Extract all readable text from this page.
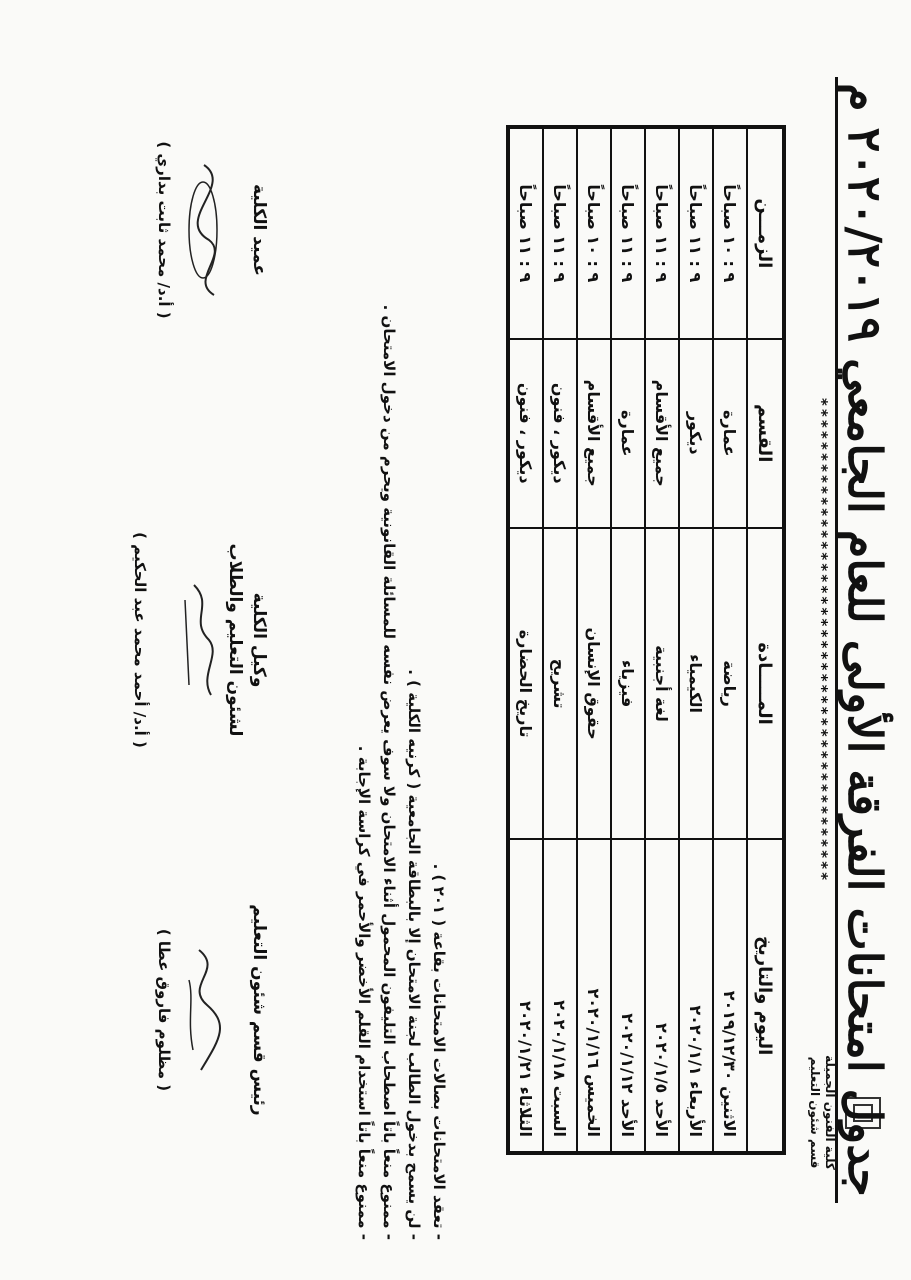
كلية الفنون الجميلة
قسم شئون التعليم
جدول امتحانات الفرقة الأولى للعام الجامعي ٢٠٢٠/٢٠١٩ م
********************************************
اليوم والتاريخ	المـــــادة	القسم	الزمـــن
الاثنين ٢٠١٩/١٢/٣٠	رياضة	عمارة	٩ : ١٠ صباحاً
الأربعاء ٢٠٢٠/١/١	الكيمياء	ديكور	٩ : ١١ صباحاً
الأحد ٢٠٢٠/١/٥	لغة أجنبية	جميع الأقسام	٩ : ١١ صباحاً
الأحد ٢٠٢٠/١/١٢	فيزياء	عمارة	٩ : ١١ صباحاً
الخميس ٢٠٢٠/١/١٦	حقوق الإنسان	جميع الأقسام	٩ : ١٠ صباحاً
السبت ٢٠٢٠/١/١٨	تشريح	ديكور ، فنون	٩ : ١١ صباحاً
الثلاثاء ٢٠٢٠/١/٢١	تاريخ الحضارة	ديكور ، فنون	٩ : ١١ صباحاً
- تعقد الامتحانات بصالات الامتحانات بقاعة ( ٢٠١ ) .
- لن يسمح بدخول الطالب لجنة الامتحان إلا بالبطاقة الجامعية ( كرنيه الكلية ) .
- ممنوع منعاً باتاً اصطحاب التليفون المحمول أثناء الامتحان ولا سوف يعرض نفسه للمسائلة القانونية ويحرم من دخول الامتحان .
- ممنوع منعاً باتاً استخدام القلم الأخضر والأحمر في كراسة الإجابة .
رئيس قسم شئون التعليم
( مظلوم فاروق عطا )
وكيل الكلية
لشئون التعليم والطلاب
( أ.د/ أحمد محمد عبد الحكيم )
عميد الكلية
( أ.د/ محمد ثابت بداري )
